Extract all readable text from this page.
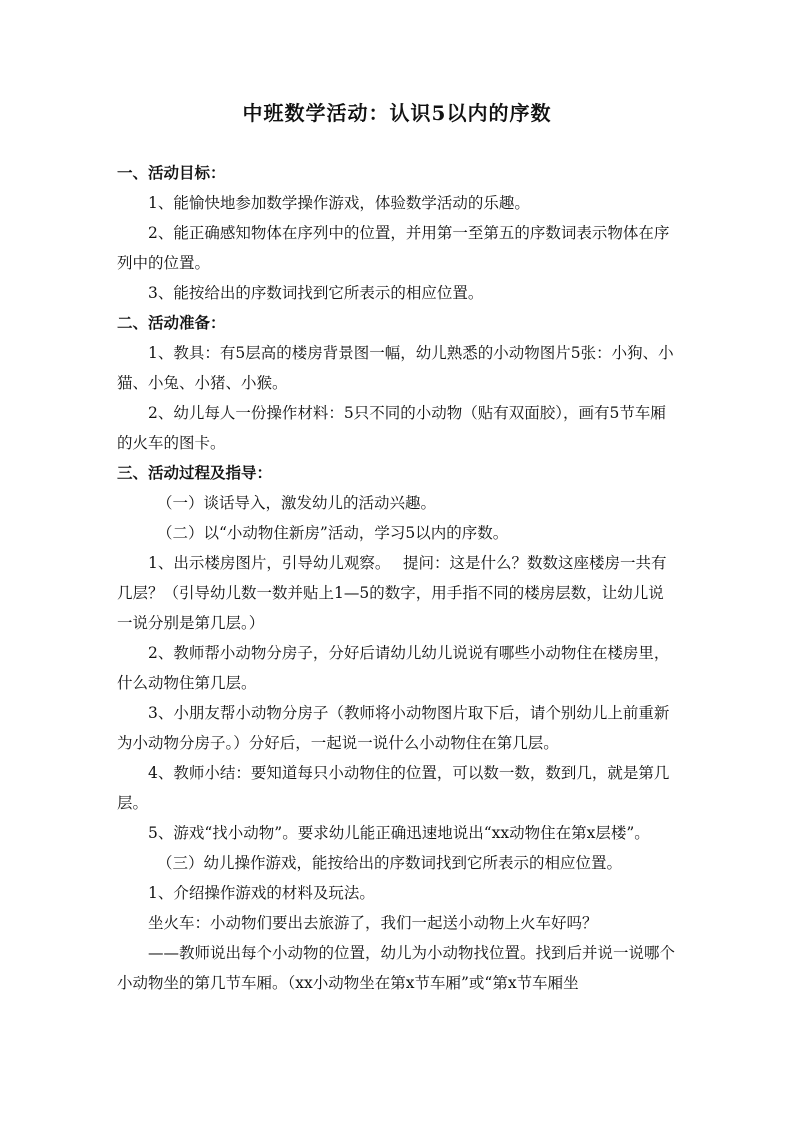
中班数学活动：认识5以内的序数

一、活动目标：

1、能愉快地参加数学操作游戏，体验数学活动的乐趣。

2、能正确感知物体在序列中的位置，并用第一至第五的序数词表示物体在序列中的位置。

3、能按给出的序数词找到它所表示的相应位置。

二、活动准备：

1、教具：有5层高的楼房背景图一幅，幼儿熟悉的小动物图片5张：小狗、小猫、小兔、小猪、小猴。

2、幼儿每人一份操作材料：5只不同的小动物（贴有双面胶），画有5节车厢的火车的图卡。

三、活动过程及指导：

（一）谈话导入，激发幼儿的活动兴趣。

（二）以“小动物住新房”活动，学习5以内的序数。

1、出示楼房图片，引导幼儿观察。　 提问：这是什么？数数这座楼房一共有几层？（引导幼儿数一数并贴上1—5的数字，用手指不同的楼房层数，让幼儿说一说分别是第几层。）

2、教师帮小动物分房子，分好后请幼儿幼儿说说有哪些小动物住在楼房里，什么动物住第几层。

3、小朋友帮小动物分房子（教师将小动物图片取下后，请个别幼儿上前重新为小动物分房子。）分好后，一起说一说什么小动物住在第几层。

4、教师小结：要知道每只小动物住的位置，可以数一数，数到几，就是第几层。

5、游戏“找小动物”。要求幼儿能正确迅速地说出“xx动物住在第x层楼”。

（三）幼儿操作游戏，能按给出的序数词找到它所表示的相应位置。

1、介绍操作游戏的材料及玩法。

坐火车：小动物们要出去旅游了，我们一起送小动物上火车好吗？

——教师说出每个小动物的位置，幼儿为小动物找位置。找到后并说一说哪个小动物坐的第几节车厢。（xx小动物坐在第x节车厢”或“第x节车厢坐
